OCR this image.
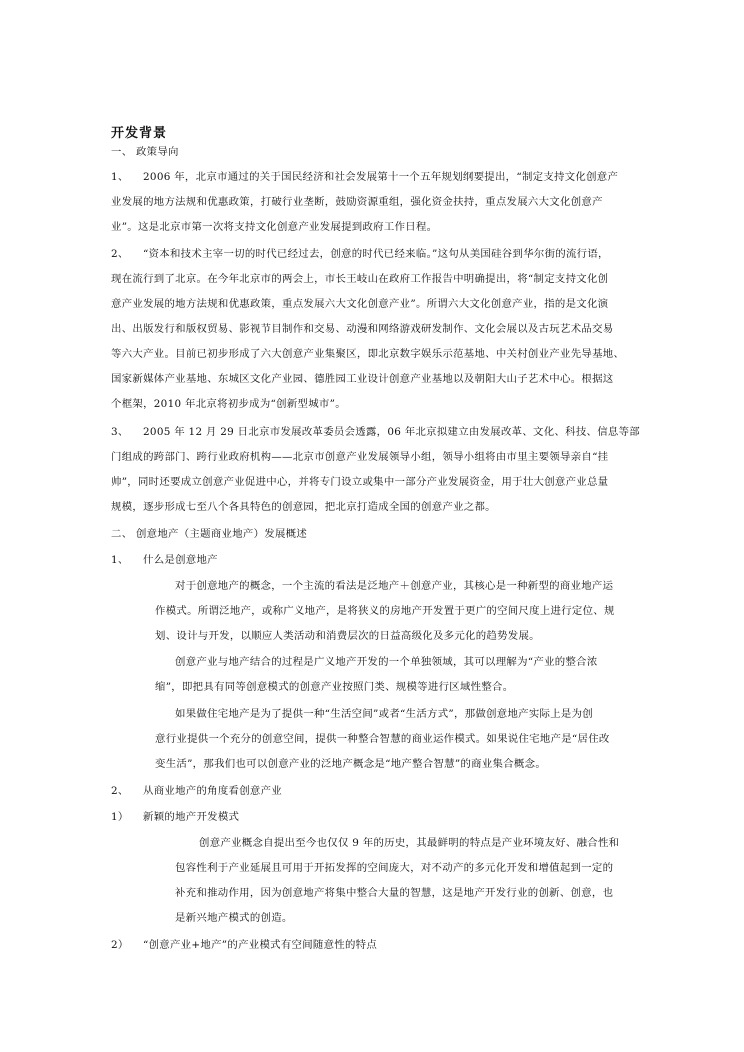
开发背景
一、 政策导向
1、 2006 年，北京市通过的关于国民经济和社会发展第十一个五年规划纲要提出，“制定支持文化创意产
业发展的地方法规和优惠政策，打破行业垄断，鼓励资源重组，强化资金扶持，重点发展六大文化创意产
业”。这是北京市第一次将支持文化创意产业发展提到政府工作日程。
2、 “资本和技术主宰一切的时代已经过去，创意的时代已经来临。”这句从美国硅谷到华尔街的流行语，
现在流行到了北京。在今年北京市的两会上，市长王岐山在政府工作报告中明确提出，将“制定支持文化创
意产业发展的地方法规和优惠政策，重点发展六大文化创意产业”。所谓六大文化创意产业，指的是文化演
出、出版发行和版权贸易、影视节目制作和交易、动漫和网络游戏研发制作、文化会展以及古玩艺术品交易
等六大产业。目前已初步形成了六大创意产业集聚区，即北京数字娱乐示范基地、中关村创业产业先导基地、
国家新媒体产业基地、东城区文化产业园、德胜园工业设计创意产业基地以及朝阳大山子艺术中心。根据这
个框架，2010 年北京将初步成为“创新型城市”。
3、 2005 年 12 月 29 日北京市发展改革委员会透露，06 年北京拟建立由发展改革、文化、科技、信息等部
门组成的跨部门、跨行业政府机构——北京市创意产业发展领导小组，领导小组将由市里主要领导亲自“挂
帅”，同时还要成立创意产业促进中心，并将专门设立或集中一部分产业发展资金，用于壮大创意产业总量
规模，逐步形成七至八个各具特色的创意园，把北京打造成全国的创意产业之都。
二、 创意地产（主题商业地产）发展概述
1、 什么是创意地产
对于创意地产的概念，一个主流的看法是泛地产＋创意产业，其核心是一种新型的商业地产运
作模式。所谓泛地产，或称广义地产，是将狭义的房地产开发置于更广的空间尺度上进行定位、规
划、设计与开发，以顺应人类活动和消费层次的日益高级化及多元化的趋势发展。
创意产业与地产结合的过程是广义地产开发的一个单独领域，其可以理解为“产业的整合浓
缩”，即把具有同等创意模式的创意产业按照门类、规模等进行区域性整合。
如果做住宅地产是为了提供一种“生活空间”或者“生活方式”，那做创意地产实际上是为创
意行业提供一个充分的创意空间，提供一种整合智慧的商业运作模式。如果说住宅地产是“居住改
变生活”，那我们也可以创意产业的泛地产概念是“地产整合智慧”的商业集合概念。
2、 从商业地产的角度看创意产业
1） 新颖的地产开发模式
创意产业概念自提出至今也仅仅 9 年的历史，其最鲜明的特点是产业环境友好、融合性和
包容性利于产业延展且可用于开拓发挥的空间庞大，对不动产的多元化开发和增值起到一定的
补充和推动作用，因为创意地产将集中整合大量的智慧，这是地产开发行业的创新、创意，也
是新兴地产模式的创造。
2） “创意产业+地产”的产业模式有空间随意性的特点
